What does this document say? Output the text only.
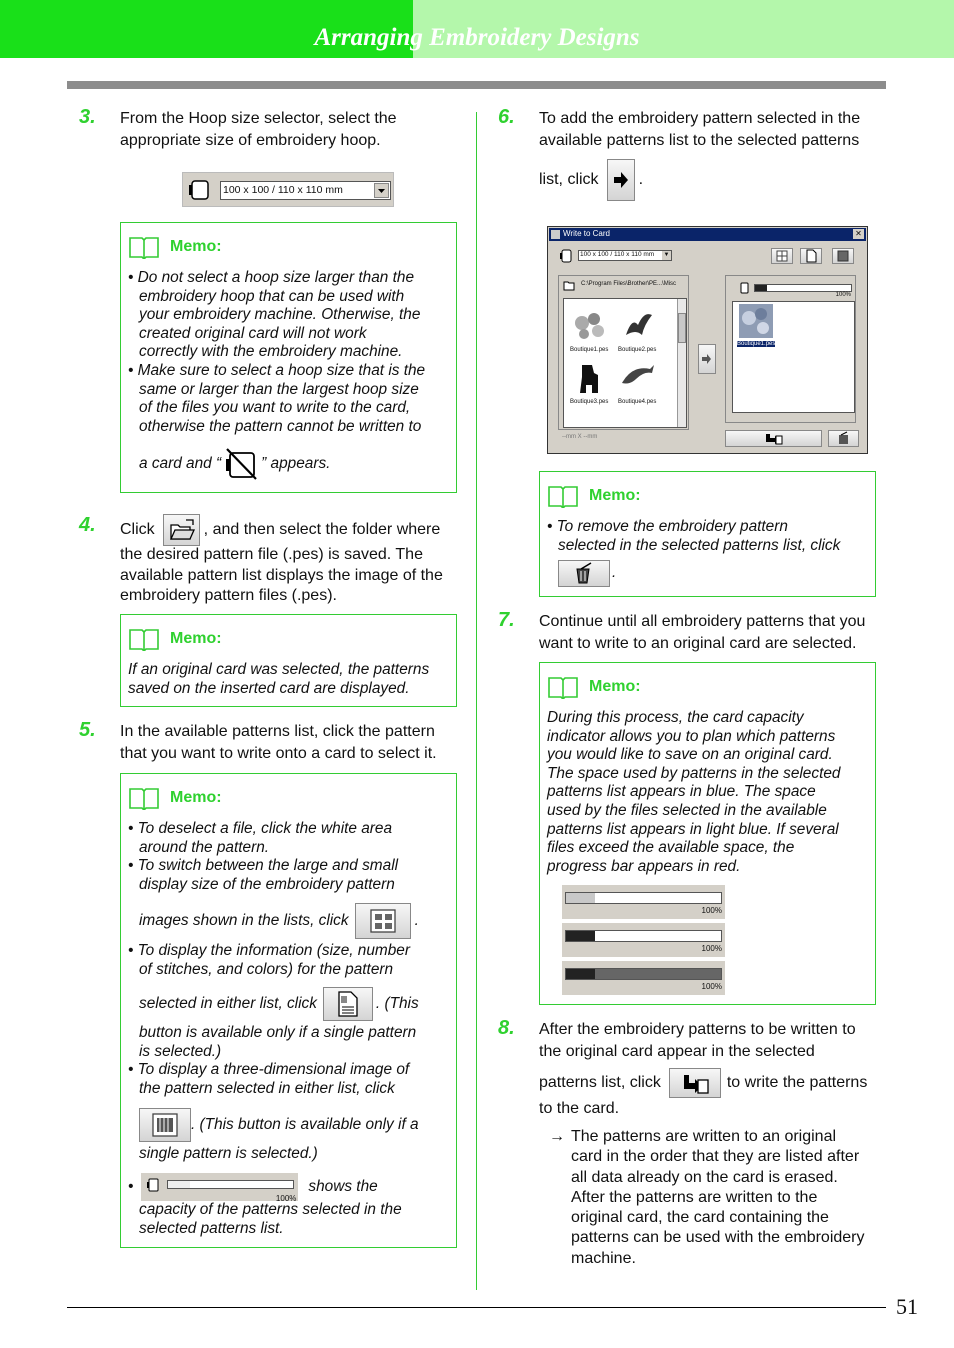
Arranging Embroidery Designs
3. From the Hoop size selector, select the
appropriate size of embroidery hoop.
100 x 100 / 110 x 110 mm
Memo:
• Do not select a hoop size larger than the
embroidery hoop that can be used with
your embroidery machine. Otherwise, the
created original card will not work
correctly with the embroidery machine.
• Make sure to select a hoop size that is the
same or larger than the largest hoop size
of the files you want to write to the card,
otherwise the pattern cannot be written to
a card and “	” appears.
4. Click	, and then select the folder where
the desired pattern file (.pes) is saved. The
available pattern list displays the image of the
embroidery pattern files (.pes).
Memo:
If an original card was selected, the patterns
saved on the inserted card are displayed.
5. In the available patterns list, click the pattern
that you want to write onto a card to select it.
Memo:
• To deselect a file, click the white area
around the pattern.
• To switch between the large and small
display size of the embroidery pattern
images shown in the lists, click	.
• To display the information (size, number
of stitches, and colors) for the pattern
selected in either list, click	. (This
button is available only if a single pattern
is selected.)
• To display a three-dimensional image of
the pattern selected in either list, click
. (This button is available only if a
single pattern is selected.)
•
100%
shows the
capacity of the patterns selected in the
selected patterns list.
6. To add the embroidery pattern selected in the
available patterns list to the selected patterns
list, click	.
Write to Card	✕
100 x 100 / 110 x 110 mm ▼
C:\Program Files\Brother\PE...\Misc
Boutique1.pes Boutique2.pes
Boutique3.pes Boutique4.pes
--mm X --mm
100%
Boutique1.pes
Memo:
• To remove the embroidery pattern
selected in the selected patterns list, click
.
7. Continue until all embroidery patterns that you
want to write to an original card are selected.
Memo:
During this process, the card capacity
indicator allows you to plan which patterns
you would like to save on an original card.
The space used by patterns in the selected
patterns list appears in blue. The space
used by the files selected in the available
patterns list appears in light blue. If several
files exceed the available space, the
progress bar appears in red.
100%
100%
100%
8. After the embroidery patterns to be written to
the original card appear in the selected
patterns list, click	to write the patterns
to the card.
→ The patterns are written to an original
card in the order that they are listed after
all data already on the card is erased.
After the patterns are written to the
original card, the card containing the
patterns can be used with the embroidery
machine.
51
